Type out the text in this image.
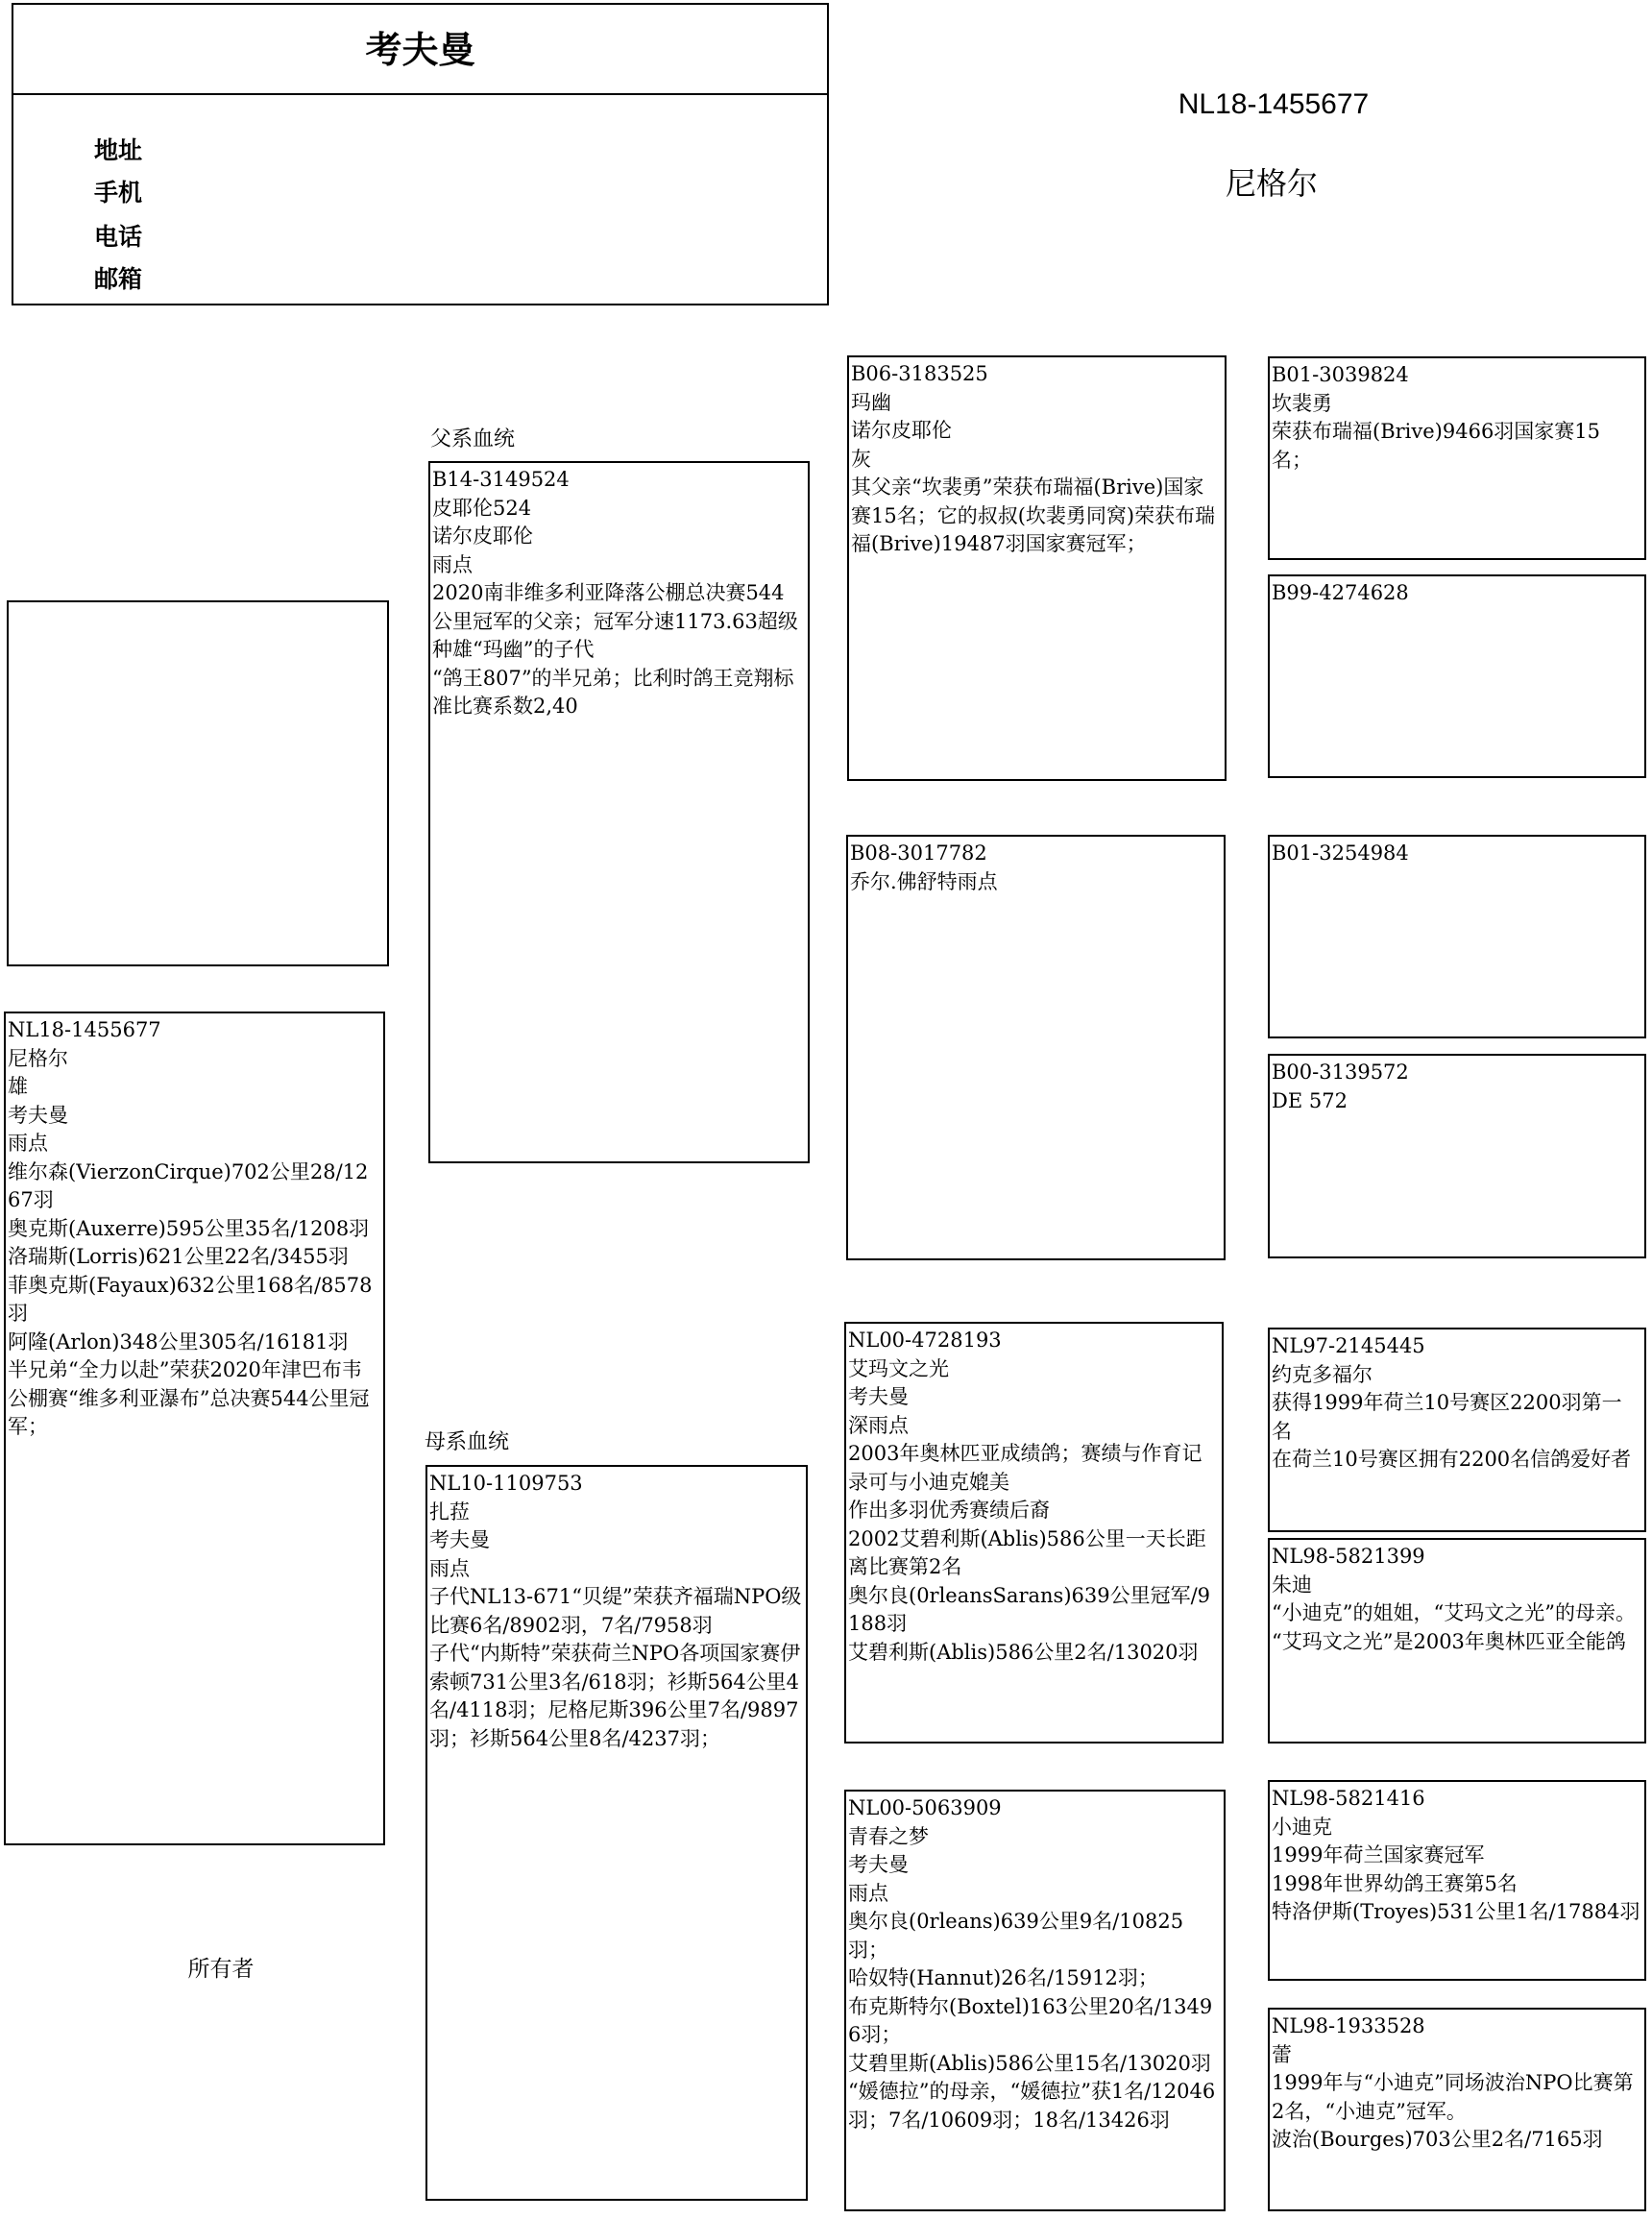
考夫曼
地址
手机
电话
邮箱
NL18-1455677
尼格尔
父系血统
母系血统
所有者
NL18-1455677
尼格尔
雄
考夫曼
雨点
维尔森(VierzonCirque)702公里28/1267羽
奥克斯(Auxerre)595公里35名/1208羽
洛瑞斯(Lorris)621公里22名/3455羽
菲奥克斯(Fayaux)632公里168名/8578羽
阿隆(Arlon)348公里305名/16181羽
半兄弟“全力以赴”荣获2020年津巴布韦公棚赛“维多利亚瀑布”总决赛544公里冠军；
B14-3149524
皮耶伦524
诺尔皮耶伦
雨点
2020南非维多利亚降落公棚总决赛544公里冠军的父亲；冠军分速1173.63超级种雄“玛幽”的子代
“鸽王807”的半兄弟；比利时鸽王竞翔标准比赛系数2,40
NL10-1109753
扎菈
考夫曼
雨点
子代NL13-671“贝缇”荣获齐福瑞NPO级比赛6名/8902羽，7名/7958羽
子代“内斯特”荣获荷兰NPO各项国家赛伊索顿731公里3名/618羽；衫斯564公里4名/4118羽；尼格尼斯396公里7名/9897羽；衫斯564公里8名/4237羽；
B06-3183525
玛幽
诺尔皮耶伦
灰
其父亲“坎裴勇”荣获布瑞福(Brive)国家赛15名；它的叔叔(坎裴勇同窝)荣获布瑞福(Brive)19487羽国家赛冠军；
B08-3017782
乔尔.佛舒特雨点
NL00-4728193
艾玛文之光
考夫曼
深雨点
2003年奥林匹亚成绩鸽；赛绩与作育记录可与小迪克媲美
作出多羽优秀赛绩后裔
2002艾碧利斯(Ablis)586公里一天长距离比赛第2名
奥尔良(0rleansSarans)639公里冠军/9188羽
艾碧利斯(Ablis)586公里2名/13020羽
NL00-5063909
青春之梦
考夫曼
雨点
奥尔良(0rleans)639公里9名/10825羽；
哈奴特(Hannut)26名/15912羽；
布克斯特尔(Boxtel)163公里20名/13496羽；
艾碧里斯(Ablis)586公里15名/13020羽
“媛德拉”的母亲，“媛德拉”获1名/12046羽；7名/10609羽；18名/13426羽
B01-3039824
坎裴勇
荣获布瑞福(Brive)9466羽国家赛15名；
B99-4274628
B01-3254984
B00-3139572
DE 572
NL97-2145445
约克多福尔
获得1999年荷兰10号赛区2200羽第一名
在荷兰10号赛区拥有2200名信鸽爱好者
NL98-5821399
朱迪
“小迪克”的姐姐，“艾玛文之光”的母亲。
“艾玛文之光”是2003年奥林匹亚全能鸽
NL98-5821416
小迪克
1999年荷兰国家赛冠军
1998年世界幼鸽王赛第5名
特洛伊斯(Troyes)531公里1名/17884羽
NL98-1933528
蕾
1999年与“小迪克”同场波治NPO比赛第2名，“小迪克”冠军。
波治(Bourges)703公里2名/7165羽
